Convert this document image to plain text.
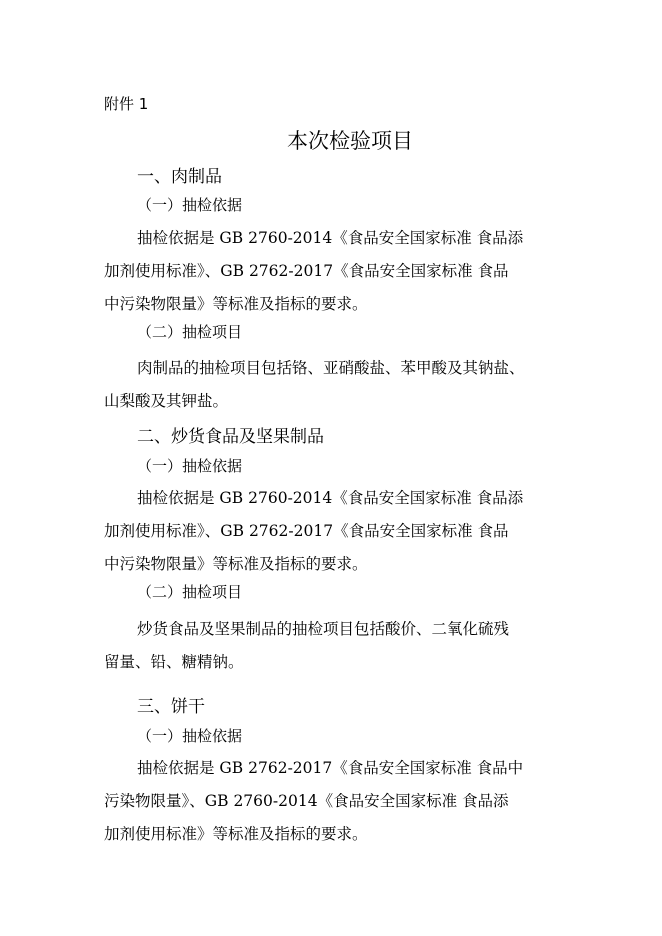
附件 1
本次检验项目
一、肉制品
（一）抽检依据

抽检依据是 GB 2760-2014《食品安全国家标准 食品添

加剂使用标准》、GB 2762-2017《食品安全国家标准 食品

中污染物限量》等标准及指标的要求。

（二）抽检项目

肉制品的抽检项目包括铬、亚硝酸盐、苯甲酸及其钠盐、

山梨酸及其钾盐。

二、炒货食品及坚果制品
（一）抽检依据

抽检依据是 GB 2760-2014《食品安全国家标准 食品添

加剂使用标准》、GB 2762-2017《食品安全国家标准 食品

中污染物限量》等标准及指标的要求。

（二）抽检项目

炒货食品及坚果制品的抽检项目包括酸价、二氧化硫残

留量、铅、糖精钠。

三、饼干
（一）抽检依据

抽检依据是 GB 2762-2017《食品安全国家标准 食品中

污染物限量》、GB 2760-2014《食品安全国家标准 食品添

加剂使用标准》等标准及指标的要求。
